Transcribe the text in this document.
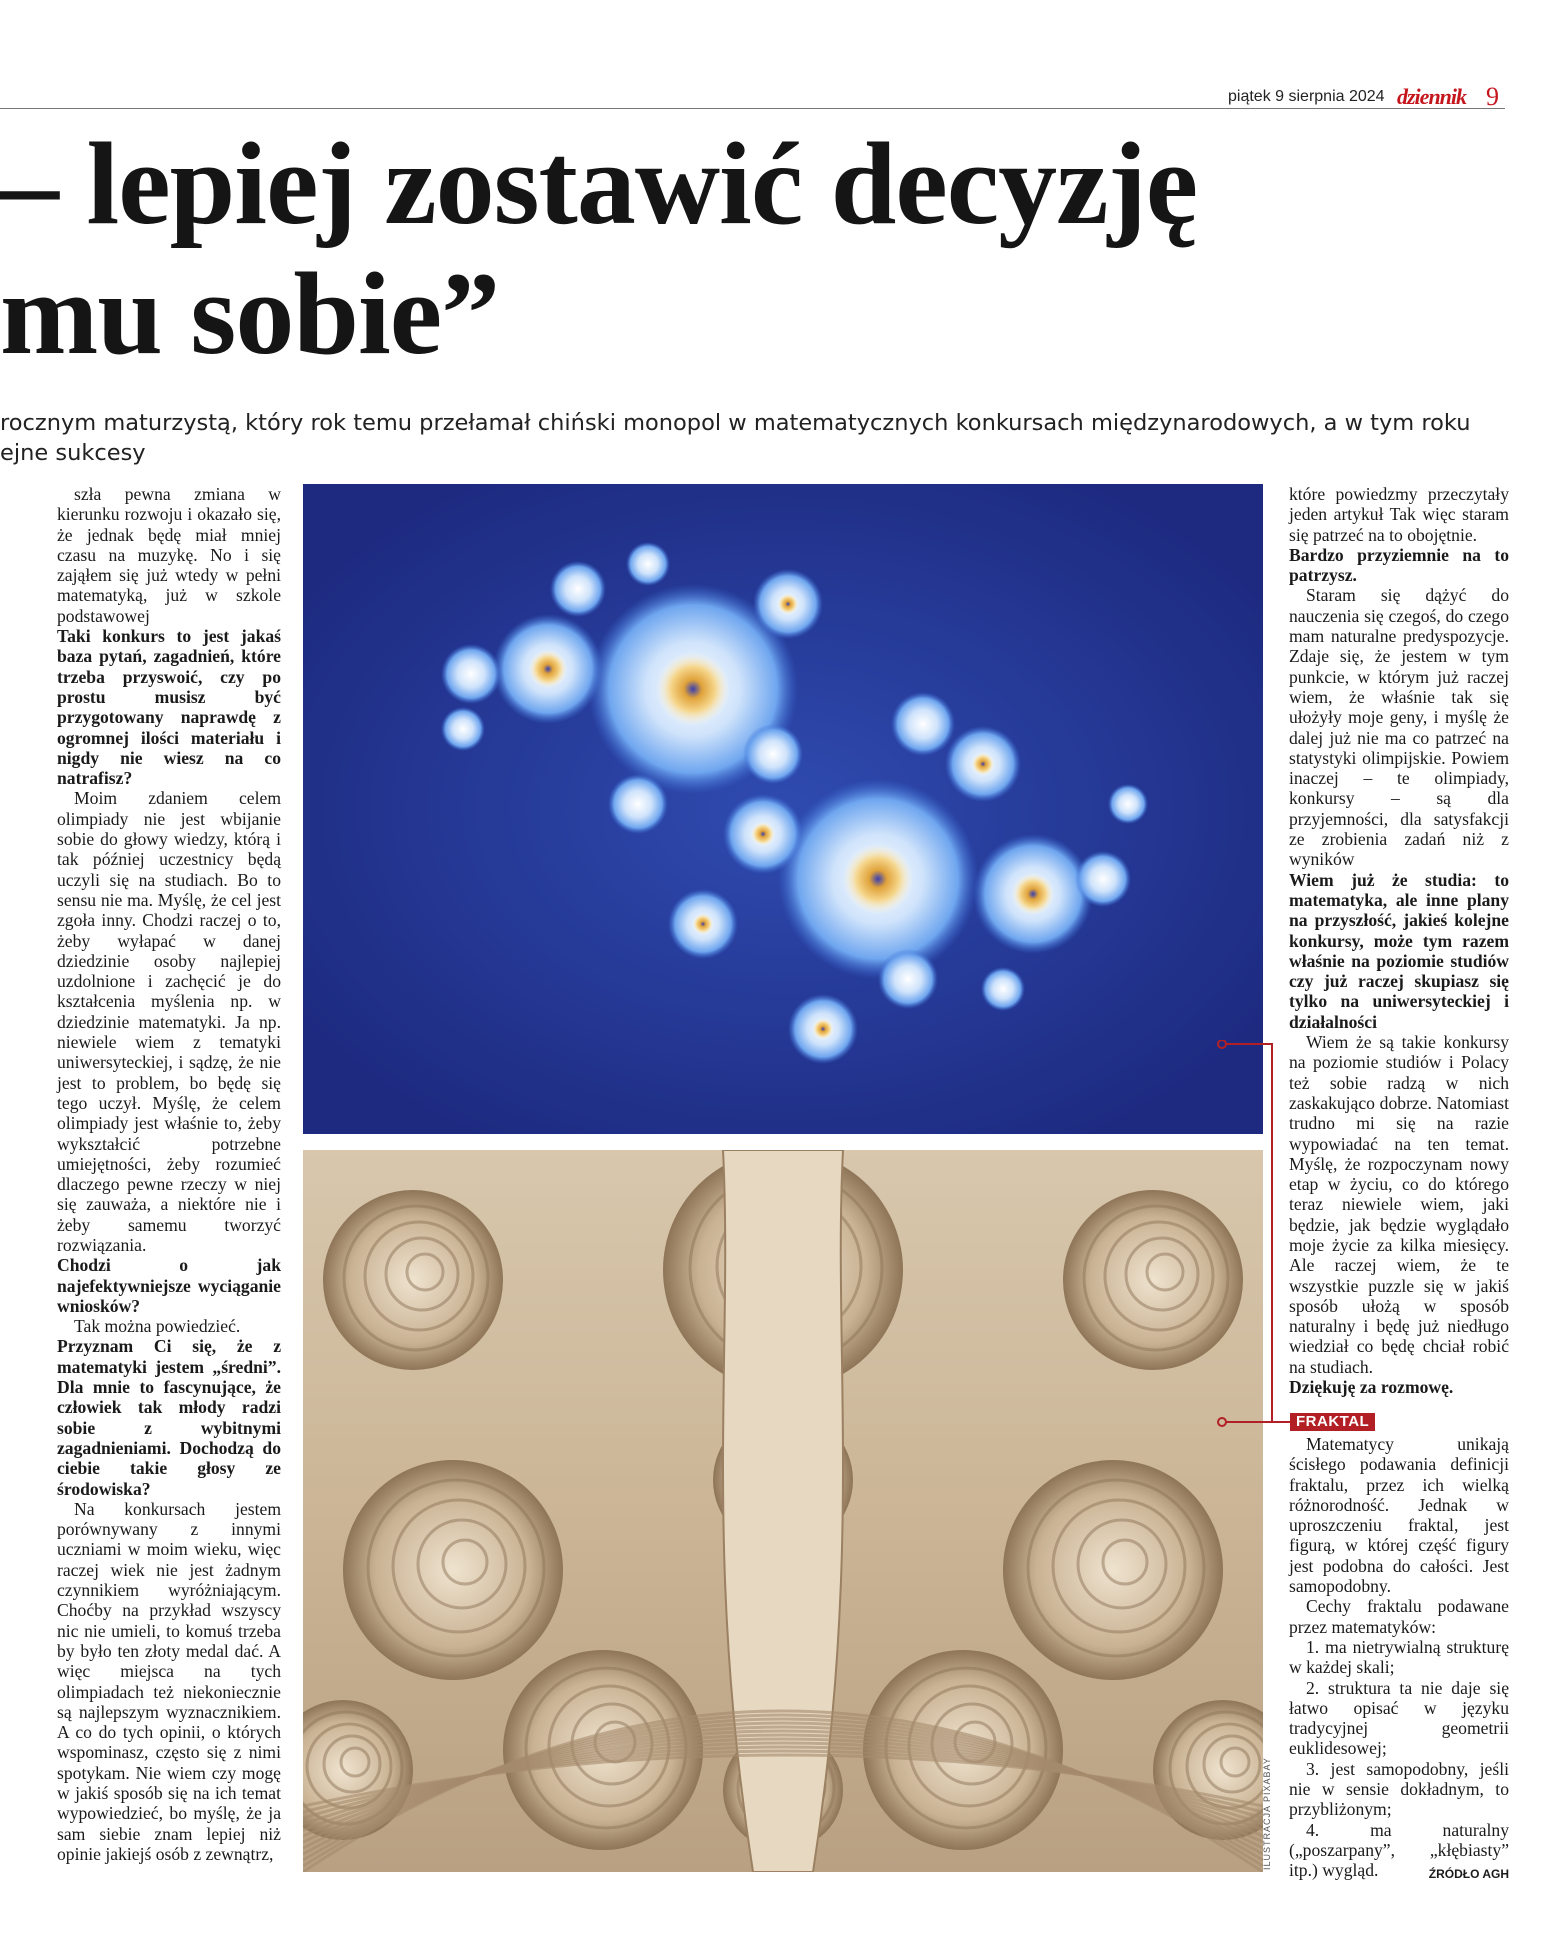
piątek 9 sierpnia 2024 dziennik 9
– lepiej zostawić decyzję
mu sobie”
rocznym maturzystą, który rok temu przełamał chiński monopol w matematycznych konkursach międzynarodowych, a w tym roku
ejne sukcesy

szła pewna zmiana w kierunku rozwoju i okazało się, że jednak będę miał mniej czasu na muzykę. No i się zająłem się już wtedy w pełni matematyką, już w szkole podstawowej

Taki konkurs to jest jakaś baza pytań, zagadnień, które trzeba przyswoić, czy po prostu musisz być przygotowany naprawdę z ogromnej ilości materiału i nigdy nie wiesz na co natrafisz?

Moim zdaniem celem olimpiady nie jest wbijanie sobie do głowy wiedzy, którą i tak później uczestnicy będą uczyli się na studiach. Bo to sensu nie ma. Myślę, że cel jest zgoła inny. Chodzi raczej o to, żeby wyłapać w danej dziedzinie osoby najlepiej uzdolnione i zachęcić je do kształcenia myślenia np. w dziedzinie matematyki. Ja np. niewiele wiem z tematyki uniwersyteckiej, i sądzę, że nie jest to problem, bo będę się tego uczył. Myślę, że celem olimpiady jest właśnie to, żeby wykształcić potrzebne umiejętności, żeby rozumieć dlaczego pewne rzeczy w niej się zauważa, a niektóre nie i żeby samemu tworzyć rozwiązania.

Chodzi o jak najefektywniejsze wyciąganie wniosków?

Tak można powiedzieć.

Przyznam Ci się, że z matematyki jestem „średni”. Dla mnie to fascynujące, że człowiek tak młody radzi sobie z wybitnymi zagadnieniami. Dochodzą do ciebie takie głosy ze środowiska?

Na konkursach jestem porównywany z innymi uczniami w moim wieku, więc raczej wiek nie jest żadnym czynnikiem wyróżniającym. Choćby na przykład wszyscy nic nie umieli, to komuś trzeba by było ten złoty medal dać. A więc miejsca na tych olimpiadach też niekoniecznie są najlepszym wyznacznikiem. A co do tych opinii, o których wspominasz, często się z nimi spotykam. Nie wiem czy mogę w jakiś sposób się na ich temat wypowiedzieć, bo myślę, że ja sam siebie znam lepiej niż opinie jakiejś osób z zewnątrz,	ILUSTRACJA PIXABAY

które powiedzmy przeczytały jeden artykuł Tak więc staram się patrzeć na to obojętnie.

Bardzo przyziemnie na to patrzysz.

Staram się dążyć do nauczenia się czegoś, do czego mam naturalne predyspozycje. Zdaje się, że jestem w tym punkcie, w którym już raczej wiem, że właśnie tak się ułożyły moje geny, i myślę że dalej już nie ma co patrzeć na statystyki olimpijskie. Powiem inaczej – te olimpiady, konkursy – są dla przyjemności, dla satysfakcji ze zrobienia zadań niż z wyników

Wiem już że studia: to matematyka, ale inne plany na przyszłość, jakieś kolejne konkursy, może tym razem właśnie na poziomie studiów czy już raczej skupiasz się tylko na uniwersyteckiej i działalności

Wiem że są takie konkursy na poziomie studiów i Polacy też sobie radzą w nich zaskakująco dobrze. Natomiast trudno mi się na razie wypowiadać na ten temat. Myślę, że rozpoczynam nowy etap w życiu, co do którego teraz niewiele wiem, jaki będzie, jak będzie wyglądało moje życie za kilka miesięcy. Ale raczej wiem, że te wszystkie puzzle się w jakiś sposób ułożą w sposób naturalny i będę już niedługo wiedział co będę chciał robić na studiach.

Dziękuję za rozmowę.

FRAKTAL

Matematycy unikają ścisłego podawania definicji fraktalu, przez ich wielką różnorodność. Jednak w uproszczeniu fraktal, jest figurą, w której część figury jest podobna do całości. Jest samopodobny.

Cechy fraktalu podawane przez matematyków:

1. ma nietrywialną strukturę w każdej skali;

2. struktura ta nie daje się łatwo opisać w języku tradycyjnej geometrii euklidesowej;

3. jest samopodobny, jeśli nie w sensie dokładnym, to przybliżonym;

4. ma naturalny („poszarpany”, „kłębiasty” itp.) wygląd.	ŹRÓDŁO AGH
